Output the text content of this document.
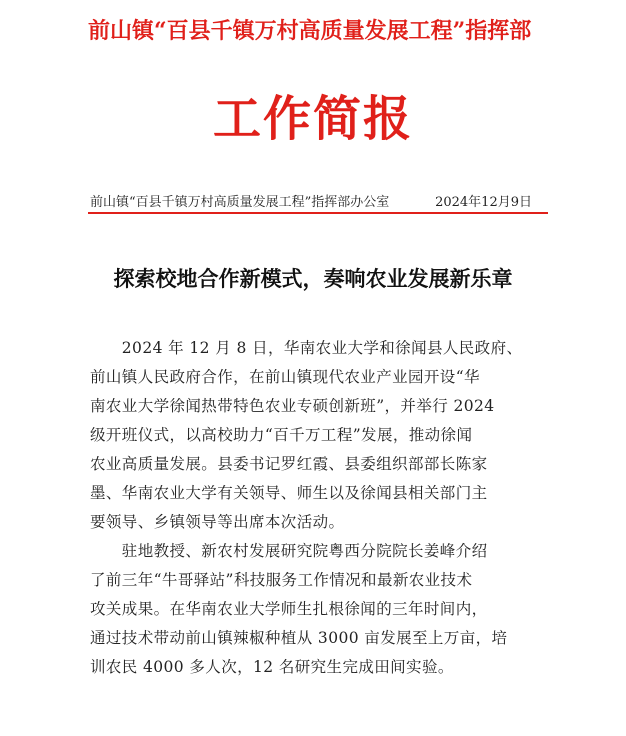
前山镇“百县千镇万村高质量发展工程”指挥部
工作简报
前山镇“百县千镇万村高质量发展工程”指挥部办公室	2024年12月9日
探索校地合作新模式，奏响农业发展新乐章
　　2024 年 12 月 8 日，华南农业大学和徐闻县人民政府、
前山镇人民政府合作，在前山镇现代农业产业园开设“华
南农业大学徐闻热带特色农业专硕创新班”，并举行 2024
级开班仪式，以高校助力“百千万工程”发展，推动徐闻
农业高质量发展。县委书记罗红霞、县委组织部部长陈家
墨、华南农业大学有关领导、师生以及徐闻县相关部门主
要领导、乡镇领导等出席本次活动。
　　驻地教授、新农村发展研究院粤西分院院长姜峰介绍
了前三年“牛哥驿站”科技服务工作情况和最新农业技术
攻关成果。在华南农业大学师生扎根徐闻的三年时间内，
通过技术带动前山镇辣椒种植从 3000 亩发展至上万亩，培
训农民 4000 多人次，12 名研究生完成田间实验。
